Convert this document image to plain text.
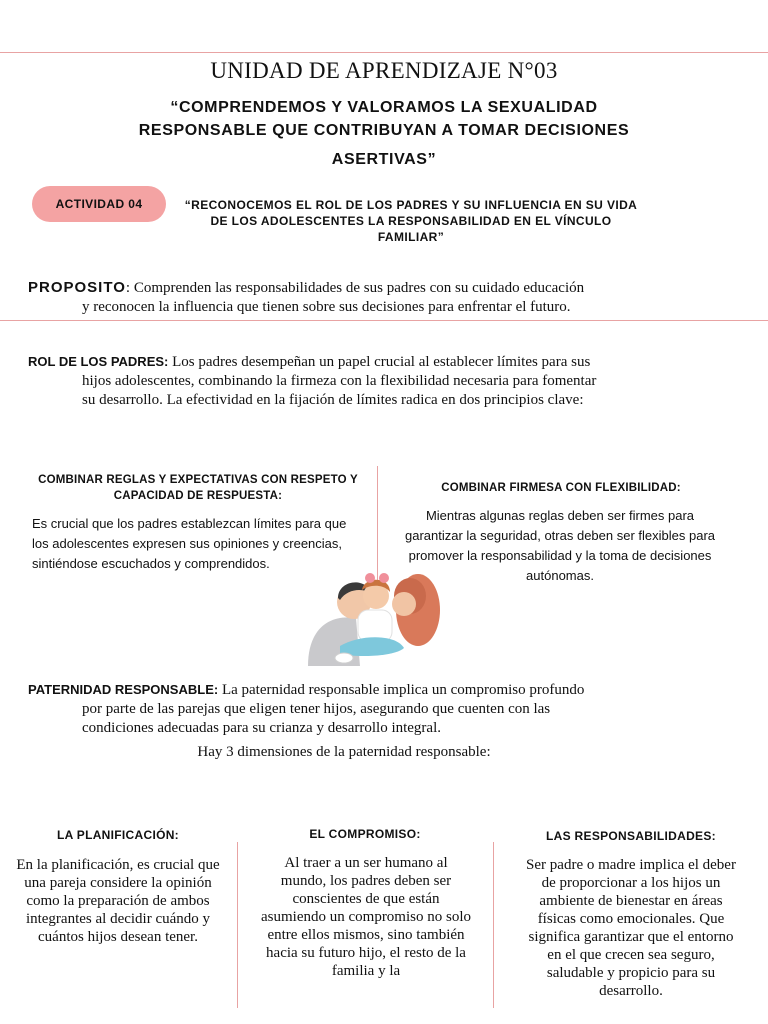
UNIDAD DE APRENDIZAJE N°03
“COMPRENDEMOS Y VALORAMOS LA SEXUALIDAD RESPONSABLE QUE CONTRIBUYAN A TOMAR DECISIONES
ASERTIVAS”
ACTIVIDAD 04	“RECONOCEMOS EL ROL DE LOS PADRES Y SU INFLUENCIA EN SU VIDA DE LOS ADOLESCENTES LA RESPONSABILIDAD EN EL VÍNCULO FAMILIAR”
PROPOSITO: Comprenden las responsabilidades de sus padres con su cuidado educación
y reconocen la influencia que tienen sobre sus decisiones para enfrentar el futuro.
ROL DE LOS PADRES: Los padres desempeñan un papel crucial al establecer límites para sus
hijos adolescentes, combinando la firmeza con la flexibilidad necesaria para fomentar su desarrollo. La efectividad en la fijación de límites radica en dos principios clave:
COMBINAR REGLAS Y EXPECTATIVAS CON RESPETO Y CAPACIDAD DE RESPUESTA:
Es crucial que los padres establezcan límites para que los adolescentes expresen sus opiniones y creencias, sintiéndose escuchados y comprendidos.
COMBINAR FIRMESA CON FLEXIBILIDAD:
Mientras algunas reglas deben ser firmes para garantizar la seguridad, otras deben ser flexibles para promover la responsabilidad y la toma de decisiones autónomas.
PATERNIDAD RESPONSABLE: La paternidad responsable implica un compromiso profundo
por parte de las parejas que eligen tener hijos, asegurando que cuenten con las condiciones adecuadas para su crianza y desarrollo integral.
Hay 3 dimensiones de la paternidad responsable:
LA PLANIFICACIÓN:
En la planificación, es crucial que una pareja considere la opinión como la preparación de ambos integrantes al decidir cuándo y cuántos hijos desean tener.
EL COMPROMISO:
Al traer a un ser humano al mundo, los padres deben ser conscientes de que están asumiendo un compromiso no solo entre ellos mismos, sino también hacia su futuro hijo, el resto de la familia y la
LAS RESPONSABILIDADES:
Ser padre o madre implica el deber de proporcionar a los hijos un ambiente de bienestar en áreas físicas como emocionales. Que significa garantizar que el entorno en el que crecen sea seguro, saludable y propicio para su desarrollo.
